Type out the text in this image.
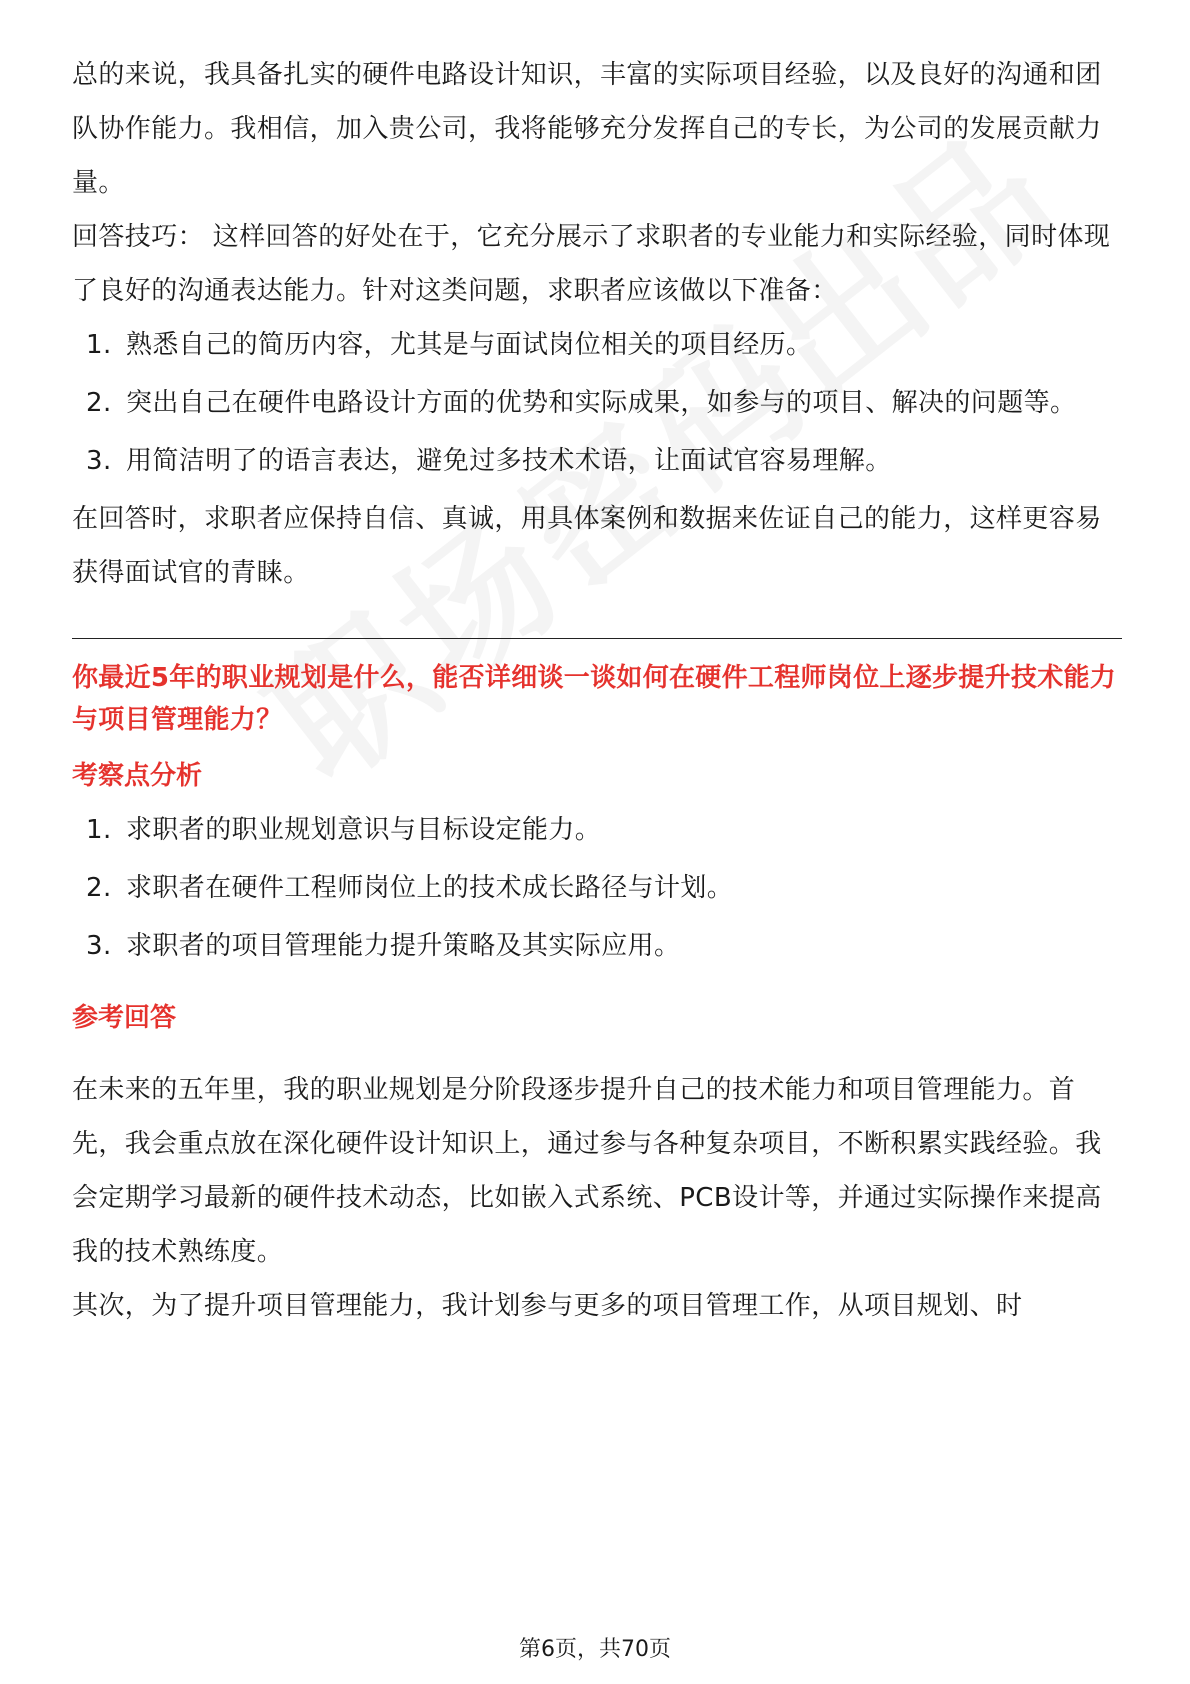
总的来说，我具备扎实的硬件电路设计知识，丰富的实际项目经验，以及良好的沟通和团队协作能力。我相信，加入贵公司，我将能够充分发挥自己的专长，为公司的发展贡献力量。

回答技巧： 这样回答的好处在于，它充分展示了求职者的专业能力和实际经验，同时体现了良好的沟通表达能力。针对这类问题，求职者应该做以下准备：

1. 熟悉自己的简历内容，尤其是与面试岗位相关的项目经历。
2. 突出自己在硬件电路设计方面的优势和实际成果，如参与的项目、解决的问题等。
3. 用简洁明了的语言表达，避免过多技术术语，让面试官容易理解。

在回答时，求职者应保持自信、真诚，用具体案例和数据来佐证自己的能力，这样更容易获得面试官的青睐。

你最近5年的职业规划是什么，能否详细谈一谈如何在硬件工程师岗位上逐步提升技术能力与项目管理能力？

考察点分析

1. 求职者的职业规划意识与目标设定能力。
2. 求职者在硬件工程师岗位上的技术成长路径与计划。
3. 求职者的项目管理能力提升策略及其实际应用。

参考回答

在未来的五年里，我的职业规划是分阶段逐步提升自己的技术能力和项目管理能力。首先，我会重点放在深化硬件设计知识上，通过参与各种复杂项目，不断积累实践经验。我会定期学习最新的硬件技术动态，比如嵌入式系统、PCB设计等，并通过实际操作来提高我的技术熟练度。

其次，为了提升项目管理能力，我计划参与更多的项目管理工作，从项目规划、时

第6页，共70页
